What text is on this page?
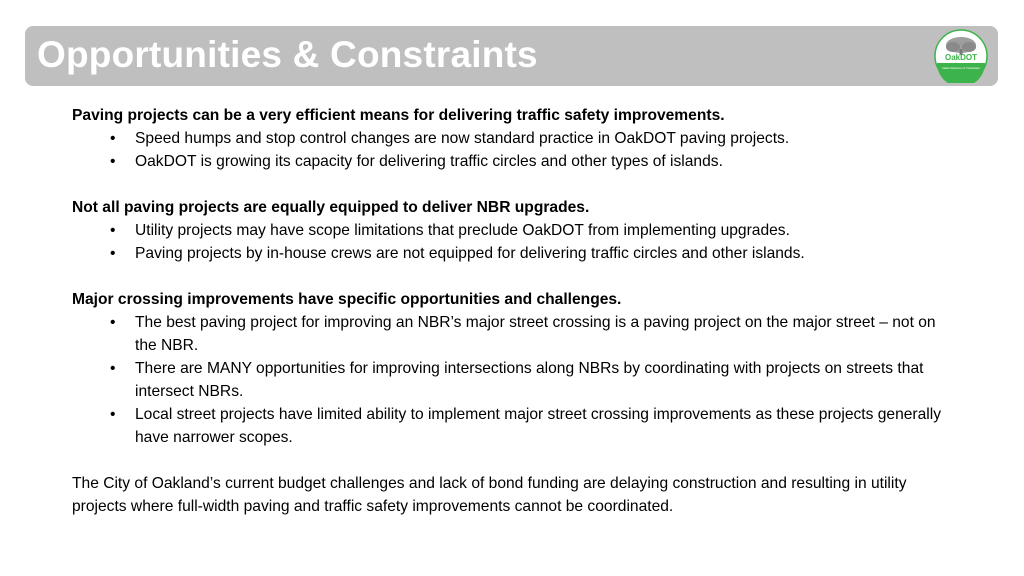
Opportunities & Constraints	OakDOT
Oakland Department of Transportation
Paving projects can be a very efficient means for delivering traffic safety improvements.
• Speed humps and stop control changes are now standard practice in OakDOT paving projects.
• OakDOT is growing its capacity for delivering traffic circles and other types of islands.
Not all paving projects are equally equipped to deliver NBR upgrades.
• Utility projects may have scope limitations that preclude OakDOT from implementing upgrades.
• Paving projects by in-house crews are not equipped for delivering traffic circles and other islands.
Major crossing improvements have specific opportunities and challenges.
• The best paving project for improving an NBR’s major street crossing is a paving project on the major street – not on the NBR.
• There are MANY opportunities for improving intersections along NBRs by coordinating with projects on streets that intersect NBRs.
• Local street projects have limited ability to implement major street crossing improvements as these projects generally have narrower scopes.
The City of Oakland’s current budget challenges and lack of bond funding are delaying construction and resulting in utility projects where full-width paving and traffic safety improvements cannot be coordinated.
